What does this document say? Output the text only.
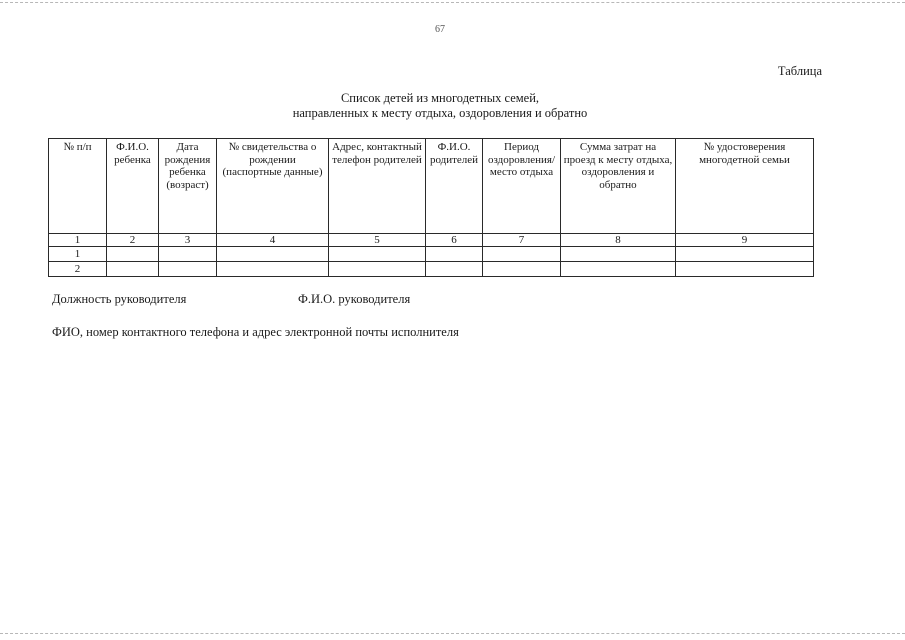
67
Таблица
Список детей из многодетных семей,
направленных к месту отдыха, оздоровления и обратно
№ п/п	Ф.И.О. ребенка	Дата рождения ребенка (возраст)	№ свидетельства о рождении (паспортные данные)	Адрес, контактный телефон родителей	Ф.И.О. родителей	Период оздоровления/место отдыха	Сумма затрат на проезд к месту отдыха, оздоровления и обратно	№ удостоверения многодетной семьи
1	2	3	4	5	6	7	8	9
1								
2								
Должность руководителя	Ф.И.О. руководителя
ФИО, номер контактного телефона и адрес электронной почты исполнителя
